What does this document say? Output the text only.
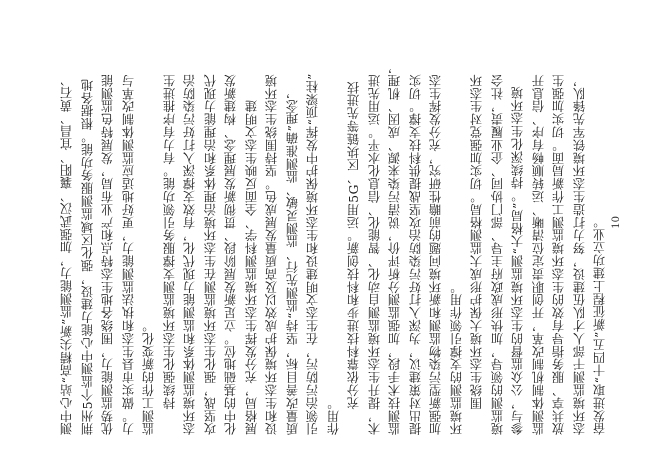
测中心站“高精尖新”监测能力，加强武汉、襄阳、宜昌、黄石、 荆州5个监测中心能力建设，强化区域监测服务功能。根据各地 优势监测能力，围绕各地生态特点和产业布局，发展特色监测能 力。做实市县生态和执法监测能力，更好地适应监测体制改革与 监测工作的新变化。 　　持续强化生态环境监测支撑服务引领功能。有力有序推进生 态环境监测体系和监测能力现代化，有效支撑深入打好污染防治 攻坚战，强化生态环境监测在生态环境治理体系和治理能力现代 化中的基础地位。立足新发展阶段、贯彻新发展理念、构建新发 展格局，充分发挥生态环境监测科学、全面反映生态文明建 设和生态环境保护成效以及高质量发展成色。坚持围绕生态环境 质量改善目标，坚持“监测先行、监测灵敏、监测准确”理念， 引领治污防污，在生态文明建设和生态环境保护中发挥“顶梁柱” 作用。 　　充分依靠科技进步和科技创新。运用5G、区块链等先进技 术，提升生态环境监测自动化、智能化、信息化水平。运用先进 监测技术手段，加强监测分析评价，说清污染来源、成因、机理， 提出对策建议，为深入打好污染防治攻坚战提供科技支撑。切实 加强新型污染物监测和新环境问题的前瞻性研究，充分发挥生态 环境监测的支撑引领作用。 　　围绕生态环境大保护形成大监测格局。切实加强党对生态环 境监测的领导，加快形成政府主导、部门协同、企业履责，社会 参与，公众监督的生态环境监测“大格局”。持续深化生态环境 监测体制机制改革，开创职责定位清晰、运转顺畅有序、信息开 放共享、服务指导有效的生态环境监测工作新局面。切实加强生 态环境监测干部人才队伍建设，努力打造生态环境铁军先锋队， 奋发进取“十四五”新征程上建功立业。 10
